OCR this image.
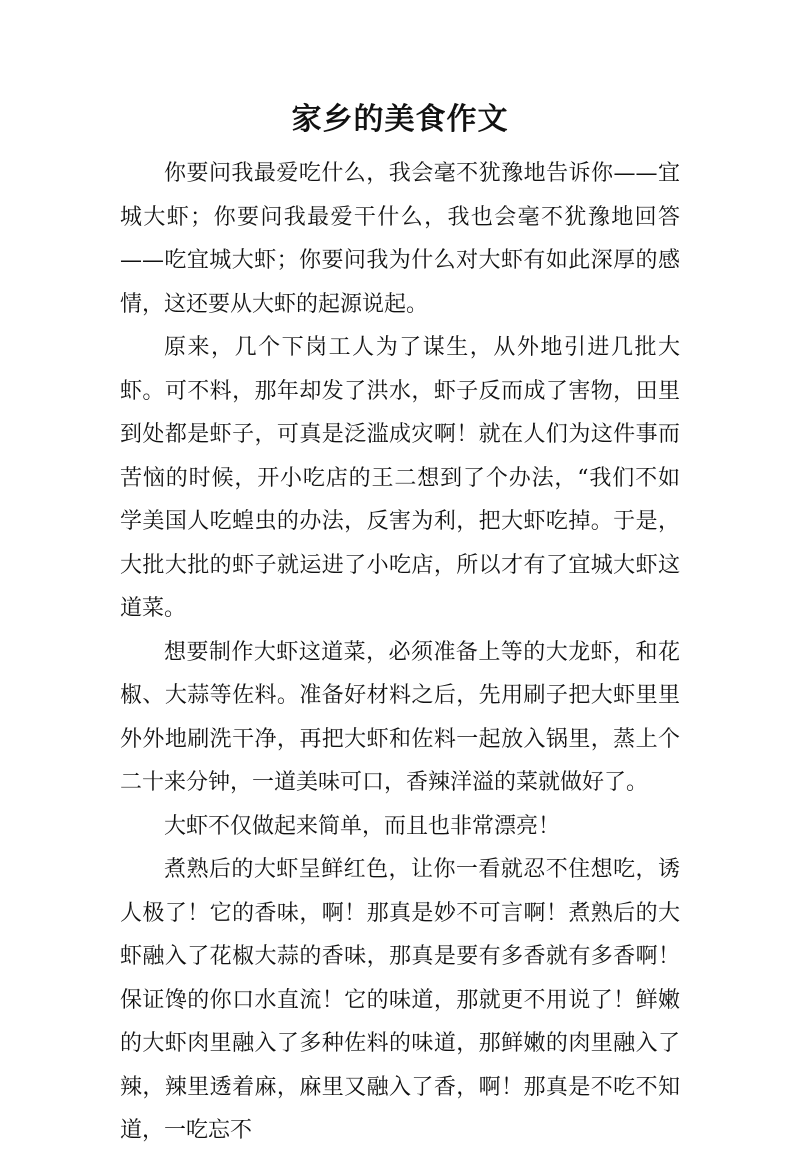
家乡的美食作文

你要问我最爱吃什么，我会毫不犹豫地告诉你——宜城大虾；你要问我最爱干什么，我也会毫不犹豫地回答——吃宜城大虾；你要问我为什么对大虾有如此深厚的感情，这还要从大虾的起源说起。

原来，几个下岗工人为了谋生，从外地引进几批大虾。可不料，那年却发了洪水，虾子反而成了害物，田里到处都是虾子，可真是泛滥成灾啊！就在人们为这件事而苦恼的时候，开小吃店的王二想到了个办法，“我们不如学美国人吃蝗虫的办法，反害为利，把大虾吃掉。于是，大批大批的虾子就运进了小吃店，所以才有了宜城大虾这道菜。

想要制作大虾这道菜，必须准备上等的大龙虾，和花椒、大蒜等佐料。准备好材料之后，先用刷子把大虾里里外外地刷洗干净，再把大虾和佐料一起放入锅里，蒸上个二十来分钟，一道美味可口，香辣洋溢的菜就做好了。

大虾不仅做起来简单，而且也非常漂亮！

煮熟后的大虾呈鲜红色，让你一看就忍不住想吃，诱人极了！它的香味，啊！那真是妙不可言啊！煮熟后的大虾融入了花椒大蒜的香味，那真是要有多香就有多香啊！保证馋的你口水直流！它的味道，那就更不用说了！鲜嫩的大虾肉里融入了多种佐料的味道，那鲜嫩的肉里融入了辣，辣里透着麻，麻里又融入了香，啊！那真是不吃不知道，一吃忘不
